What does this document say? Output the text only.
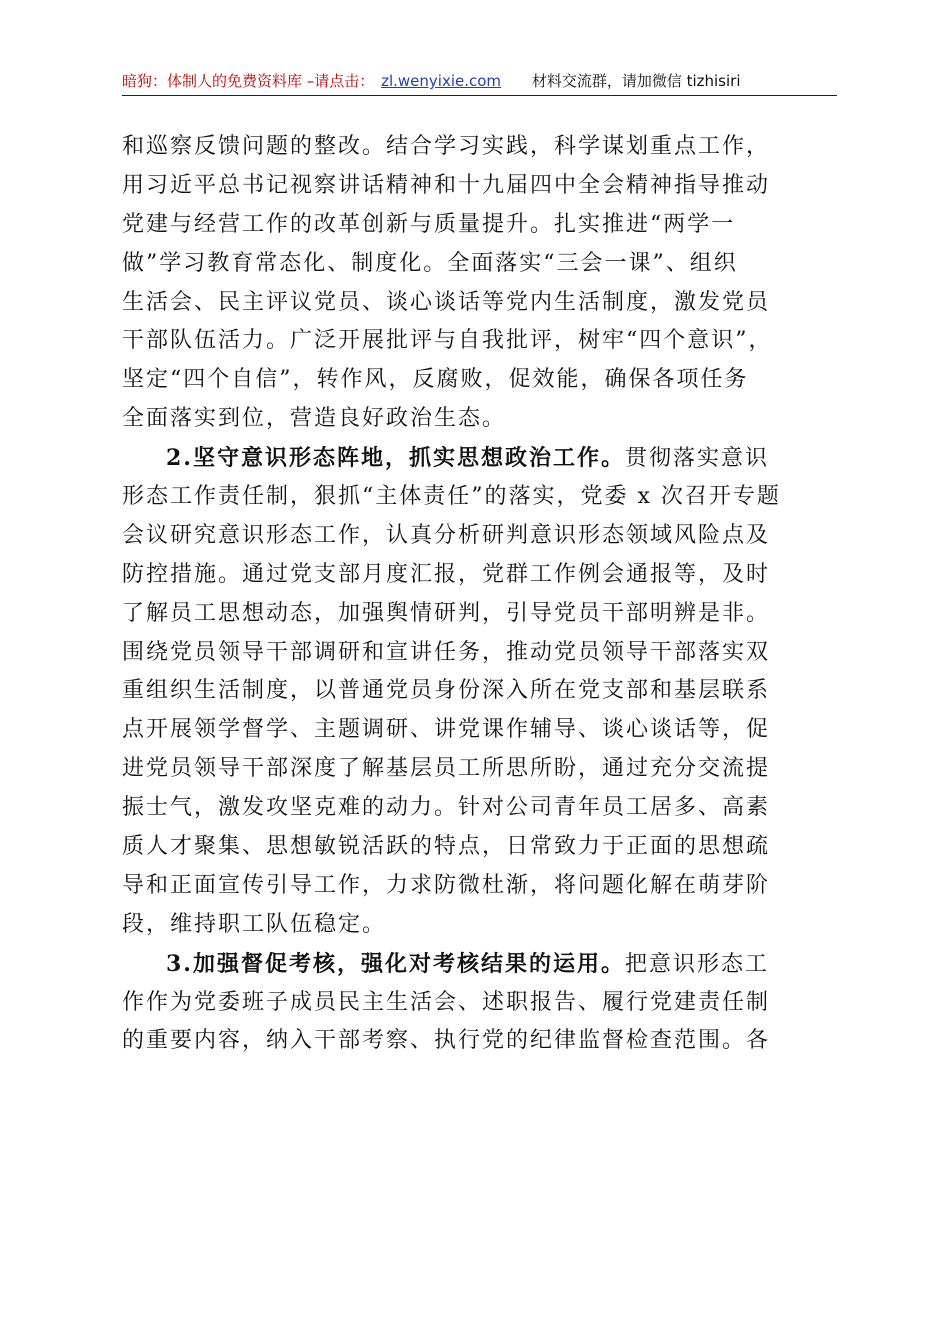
暗狗：体制人的免费资料库 –请点击： zl.wenyixie.com 材料交流群，请加微信 tizhisiri
和巡察反馈问题的整改。结合学习实践，科学谋划重点工作，
用习近平总书记视察讲话精神和十九届四中全会精神指导推动
党建与经营工作的改革创新与质量提升。扎实推进“两学一
做”学习教育常态化、制度化。全面落实“三会一课”、组织
生活会、民主评议党员、谈心谈话等党内生活制度，激发党员
干部队伍活力。广泛开展批评与自我批评，树牢“四个意识”，
坚定“四个自信”，转作风，反腐败，促效能，确保各项任务
全面落实到位，营造良好政治生态。
2.坚守意识形态阵地，抓实思想政治工作。贯彻落实意识
形态工作责任制，狠抓“主体责任”的落实，党委 x 次召开专题
会议研究意识形态工作，认真分析研判意识形态领域风险点及
防控措施。通过党支部月度汇报，党群工作例会通报等，及时
了解员工思想动态，加强舆情研判，引导党员干部明辨是非。
围绕党员领导干部调研和宣讲任务，推动党员领导干部落实双
重组织生活制度，以普通党员身份深入所在党支部和基层联系
点开展领学督学、主题调研、讲党课作辅导、谈心谈话等，促
进党员领导干部深度了解基层员工所思所盼，通过充分交流提
振士气，激发攻坚克难的动力。针对公司青年员工居多、高素
质人才聚集、思想敏锐活跃的特点，日常致力于正面的思想疏
导和正面宣传引导工作，力求防微杜渐，将问题化解在萌芽阶
段，维持职工队伍稳定。
3.加强督促考核，强化对考核结果的运用。把意识形态工
作作为党委班子成员民主生活会、述职报告、履行党建责任制
的重要内容，纳入干部考察、执行党的纪律监督检查范围。各
